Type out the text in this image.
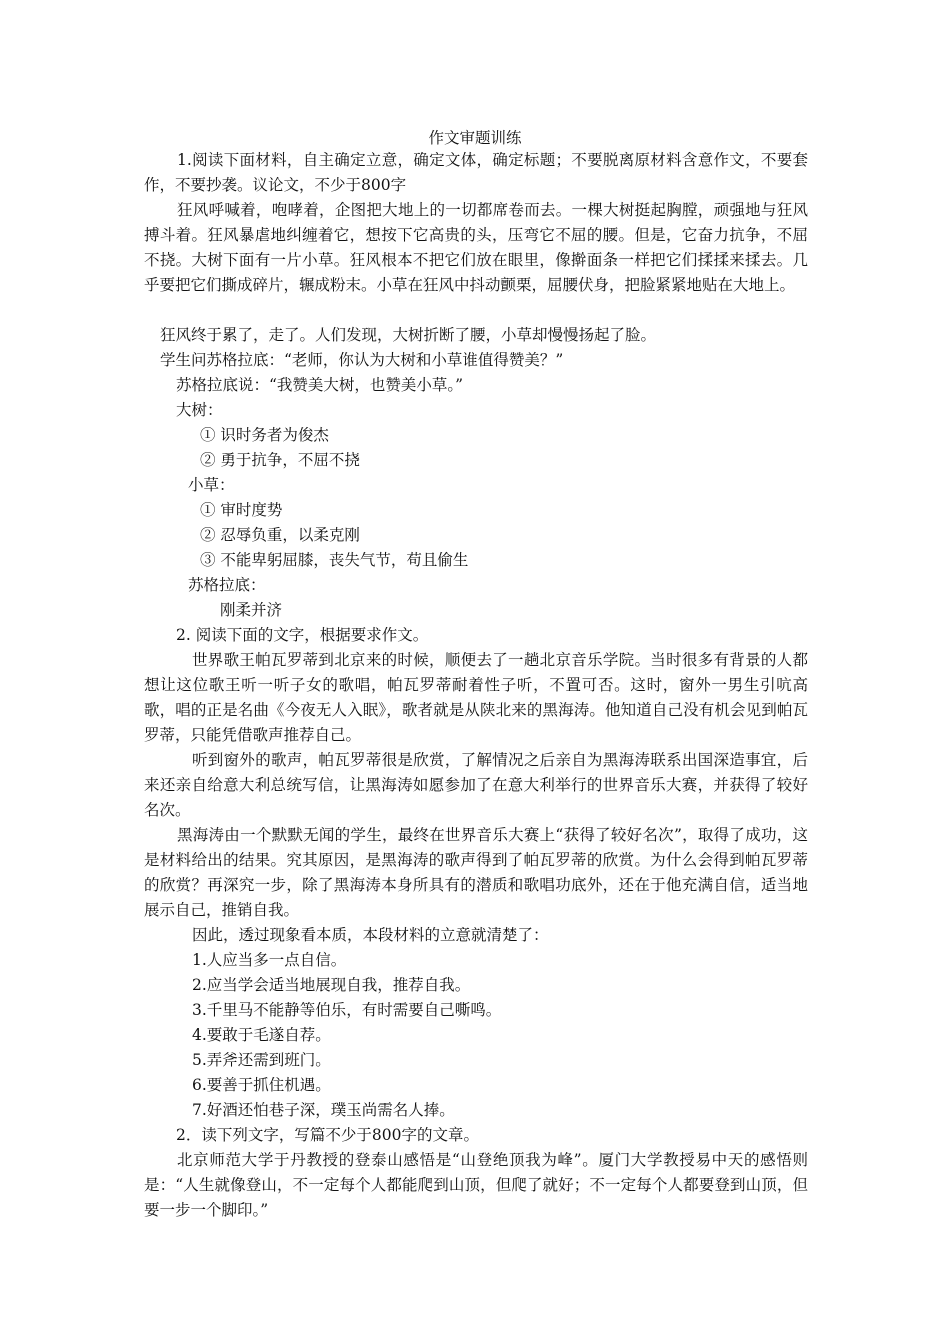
作文审题训练

1.阅读下面材料，自主确定立意，确定文体，确定标题；不要脱离原材料含意作文，不要套作，不要抄袭。议论文，不少于800字

狂风呼喊着，咆哮着，企图把大地上的一切都席卷而去。一棵大树挺起胸膛，顽强地与狂风搏斗着。狂风暴虐地纠缠着它，想按下它高贵的头，压弯它不屈的腰。但是，它奋力抗争，不屈不挠。大树下面有一片小草。狂风根本不把它们放在眼里，像擀面条一样把它们揉揉来揉去。几乎要把它们撕成碎片，辗成粉末。小草在狂风中抖动颤栗，屈腰伏身，把脸紧紧地贴在大地上。

狂风终于累了，走了。人们发现，大树折断了腰，小草却慢慢扬起了脸。

学生问苏格拉底：“老师，你认为大树和小草谁值得赞美？”

苏格拉底说：“我赞美大树，也赞美小草。”

大树：

① 识时务者为俊杰

② 勇于抗争，不屈不挠

小草：

① 审时度势

② 忍辱负重，以柔克刚

③ 不能卑躬屈膝，丧失气节，苟且偷生

苏格拉底：

刚柔并济

2. 阅读下面的文字，根据要求作文。

世界歌王帕瓦罗蒂到北京来的时候，顺便去了一趟北京音乐学院。当时很多有背景的人都想让这位歌王听一听子女的歌唱，帕瓦罗蒂耐着性子听，不置可否。这时，窗外一男生引吭高歌，唱的正是名曲《今夜无人入眠》，歌者就是从陕北来的黑海涛。他知道自己没有机会见到帕瓦罗蒂，只能凭借歌声推荐自己。

听到窗外的歌声，帕瓦罗蒂很是欣赏，了解情况之后亲自为黑海涛联系出国深造事宜，后来还亲自给意大利总统写信，让黑海涛如愿参加了在意大利举行的世界音乐大赛，并获得了较好名次。

黑海涛由一个默默无闻的学生，最终在世界音乐大赛上“获得了较好名次”，取得了成功，这是材料给出的结果。究其原因，是黑海涛的歌声得到了帕瓦罗蒂的欣赏。为什么会得到帕瓦罗蒂的欣赏？再深究一步，除了黑海涛本身所具有的潜质和歌唱功底外，还在于他充满自信，适当地展示自己，推销自我。

因此，透过现象看本质，本段材料的立意就清楚了：

1.人应当多一点自信。

2.应当学会适当地展现自我，推荐自我。

3.千里马不能静等伯乐，有时需要自己嘶鸣。

4.要敢于毛遂自荐。

5.弄斧还需到班门。

6.要善于抓住机遇。

7.好酒还怕巷子深，璞玉尚需名人捧。

2．读下列文字，写篇不少于800字的文章。

北京师范大学于丹教授的登泰山感悟是“山登绝顶我为峰”。厦门大学教授易中天的感悟则是：“人生就像登山，不一定每个人都能爬到山顶，但爬了就好；不一定每个人都要登到山顶，但要一步一个脚印。”
